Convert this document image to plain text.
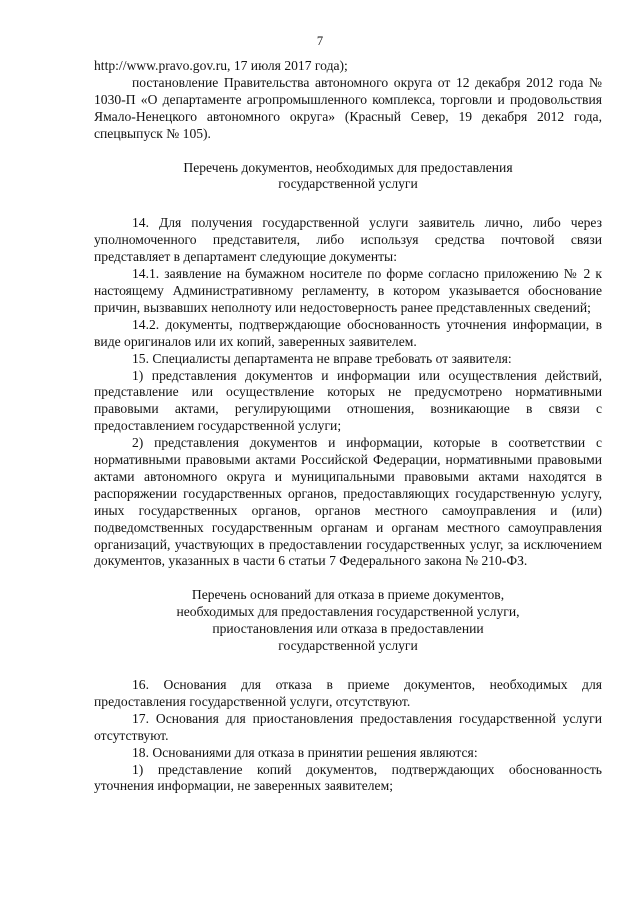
7

http://www.pravo.gov.ru, 17 июля 2017 года);

постановление Правительства автономного округа от 12 декабря 2012 года № 1030-П «О департаменте агропромышленного комплекса, торговли и продовольствия Ямало-Ненецкого автономного округа» (Красный Север, 19 декабря 2012 года, спецвыпуск № 105).

Перечень документов, необходимых для предоставления

государственной услуги

14. Для получения государственной услуги заявитель лично, либо через уполномоченного представителя, либо используя средства почтовой связи представляет в департамент следующие документы:

14.1. заявление на бумажном носителе по форме согласно приложению № 2 к настоящему Административному регламенту, в котором указывается обоснование причин, вызвавших неполноту или недостоверность ранее представленных сведений;

14.2. документы, подтверждающие обоснованность уточнения информации, в виде оригиналов или их копий, заверенных заявителем.

15. Специалисты департамента не вправе требовать от заявителя:

1) представления документов и информации или осуществления действий, представление или осуществление которых не предусмотрено нормативными правовыми актами, регулирующими отношения, возникающие в связи с предоставлением государственной услуги;

2) представления документов и информации, которые в соответствии с нормативными правовыми актами Российской Федерации, нормативными правовыми актами автономного округа и муниципальными правовыми актами находятся в распоряжении государственных органов, предоставляющих государственную услугу, иных государственных органов, органов местного самоуправления и (или) подведомственных государственным органам и органам местного самоуправления организаций, участвующих в предоставлении государственных услуг, за исключением документов, указанных в части 6 статьи 7 Федерального закона № 210-ФЗ.

Перечень оснований для отказа в приеме документов,

необходимых для предоставления государственной услуги,

приостановления или отказа в предоставлении

государственной услуги

16. Основания для отказа в приеме документов, необходимых для предоставления государственной услуги, отсутствуют.

17. Основания для приостановления предоставления государственной услуги отсутствуют.

18. Основаниями для отказа в принятии решения являются:

1) представление копий документов, подтверждающих обоснованность уточнения информации, не заверенных заявителем;
